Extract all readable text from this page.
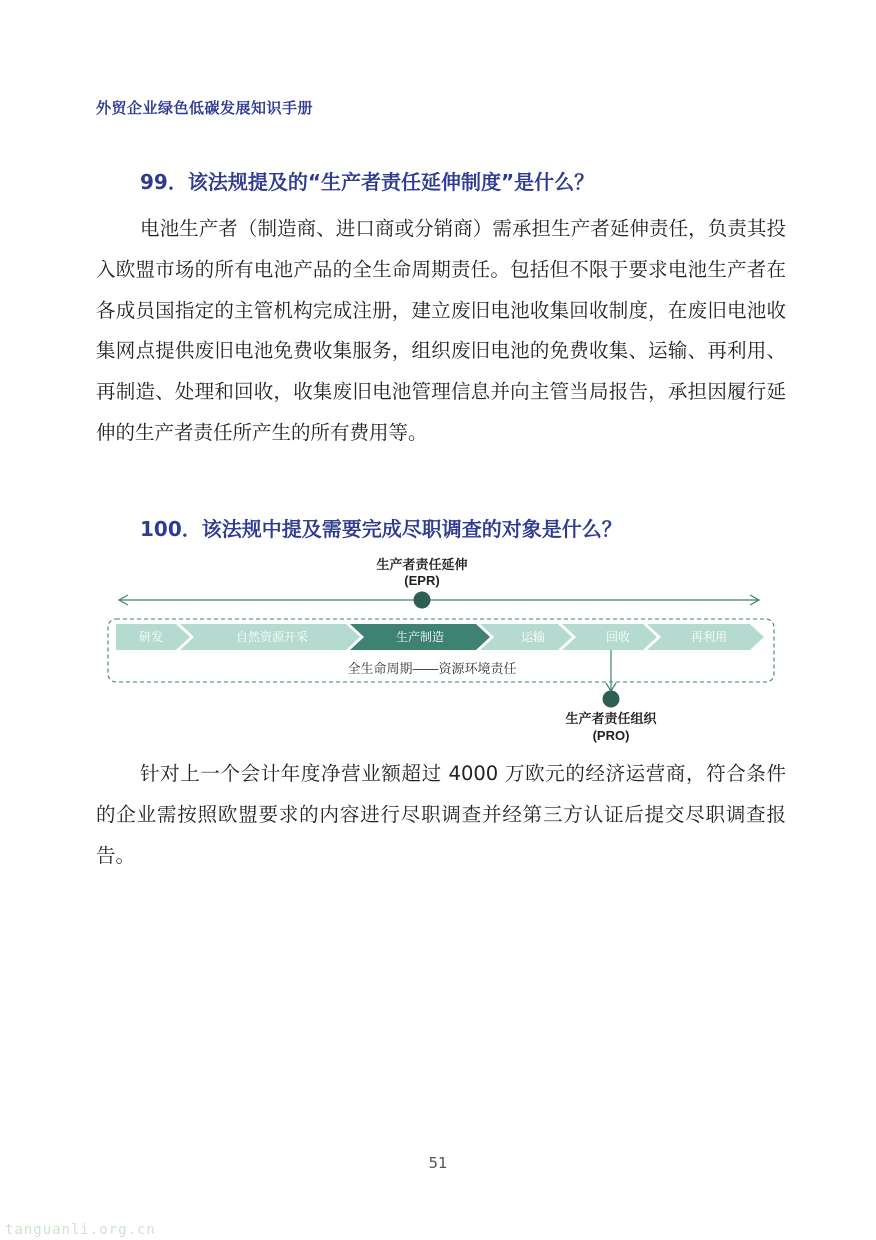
外贸企业绿色低碳发展知识手册
99．该法规提及的“生产者责任延伸制度”是什么？
电池生产者（制造商、进口商或分销商）需承担生产者延伸责任，负责其投入欧盟市场的所有电池产品的全生命周期责任。包括但不限于要求电池生产者在各成员国指定的主管机构完成注册，建立废旧电池收集回收制度，在废旧电池收集网点提供废旧电池免费收集服务，组织废旧电池的免费收集、运输、再利用、再制造、处理和回收，收集废旧电池管理信息并向主管当局报告，承担因履行延伸的生产者责任所产生的所有费用等。
100．该法规中提及需要完成尽职调查的对象是什么？
生产者责任延伸
(EPR)
研发	自然资源开采	生产制造	运输	回收	再利用
全生命周期——资源环境责任
生产者责任组织
(PRO)
针对上一个会计年度净营业额超过 4000 万欧元的经济运营商，符合条件的企业需按照欧盟要求的内容进行尽职调查并经第三方认证后提交尽职调查报告。
51
tanguanli.org.cn
